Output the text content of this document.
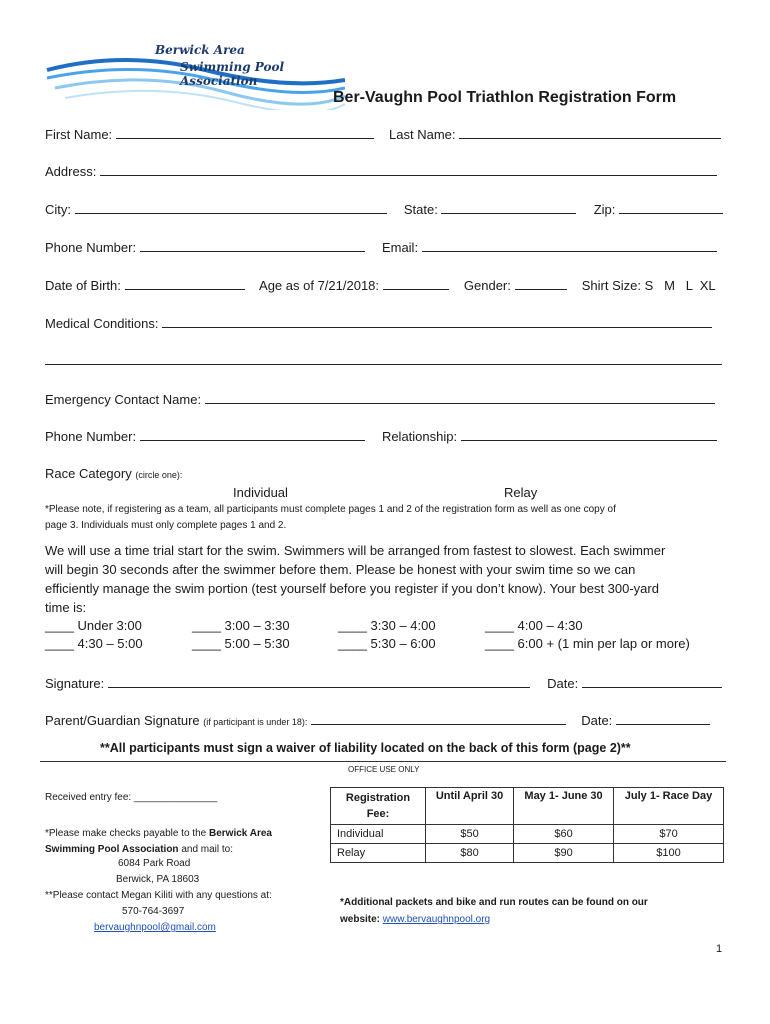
Berwick Area
Swimming Pool Association
Ber-Vaughn Pool Triathlon Registration Form
First Name:	Last Name:
Address:
City:	State:	Zip:
Phone Number:	Email:
Date of Birth:	Age as of 7/21/2018:	Gender:	Shirt Size: S   M   L  XL
Medical Conditions:
Emergency Contact Name:
Phone Number:	Relationship:
Race Category (circle one):
Individual	Relay
*Please note, if registering as a team, all participants must complete pages 1 and 2 of the registration form as well as one copy of
page 3. Individuals must only complete pages 1 and 2.
We will use a time trial start for the swim. Swimmers will be arranged from fastest to slowest. Each swimmer
will begin 30 seconds after the swimmer before them. Please be honest with your swim time so we can
efficiently manage the swim portion (test yourself before you register if you don’t know). Your best 300-yard
time is:
____ Under 3:00	____ 3:00 – 3:30	____ 3:30 – 4:00	____ 4:00 – 4:30
____ 4:30 – 5:00	____ 5:00 – 5:30	____ 5:30 – 6:00	____ 6:00 + (1 min per lap or more)
Signature:	Date:
Parent/Guardian Signature (if participant is under 18):	Date:
**All participants must sign a waiver of liability located on the back of this form (page 2)**
OFFICE USE ONLY
Received entry fee: _______________
*Please make checks payable to the Berwick Area
Swimming Pool Association and mail to:
6084 Park Road
Berwick, PA 18603
**Please contact Megan Kiliti with any questions at:
570-764-3697
bervaughnpool@gmail.com
Registration Fee:	Until April 30	May 1- June 30	July 1- Race Day
Individual	$50	$60	$70
Relay	$80	$90	$100
*Additional packets and bike and run routes can be found on our
website: www.bervaughnpool.org
1
